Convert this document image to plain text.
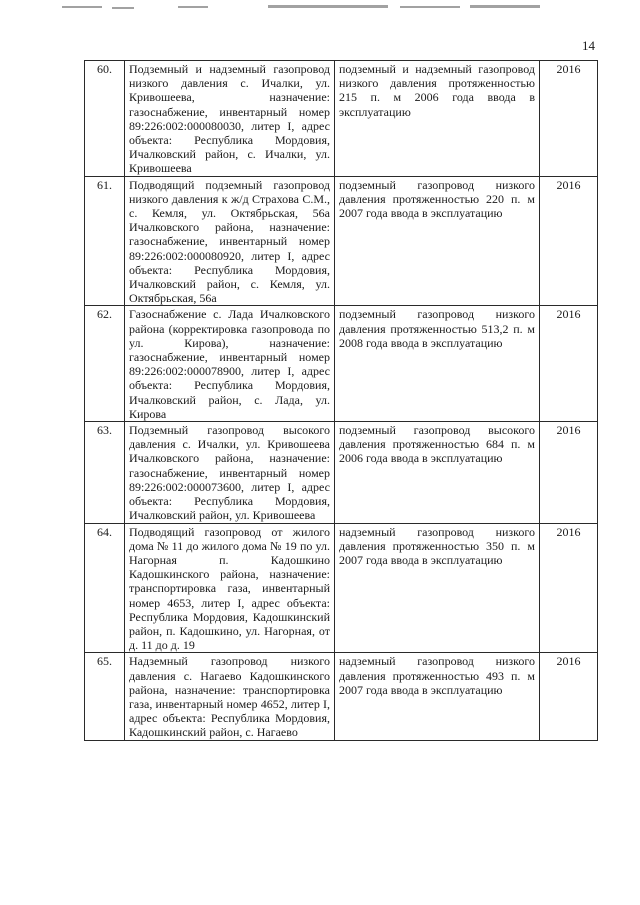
14
60.	Подземный и надземный газопровод низкого давления с. Ичалки, ул. Кривошеева, назначение: газоснабжение, инвентарный номер 89:226:002:000080030, литер I, адрес объекта: Республика Мордовия, Ичалковский район, с. Ичалки, ул. Кривошеева	подземный и надземный газопровод низкого давления протяженностью 215 п. м 2006 года ввода в эксплуатацию	2016
61.	Подводящий подземный газопровод низкого давления к ж/д Страхова С.М., с. Кемля, ул. Октябрьская, 56а Ичалковского района, назначение: газоснабжение, инвентарный номер 89:226:002:000080920, литер I, адрес объекта: Республика Мордовия, Ичалковский район, с. Кемля, ул. Октябрьская, 56а	подземный газопровод низкого давления протяженностью 220 п. м 2007 года ввода в эксплуатацию	2016
62.	Газоснабжение с. Лада Ичалковского района (корректировка газопровода по ул. Кирова), назначение: газоснабжение, инвентарный номер 89:226:002:000078900, литер I, адрес объекта: Республика Мордовия, Ичалковский район, с. Лада, ул. Кирова	подземный газопровод низкого давления протяженностью 513,2 п. м 2008 года ввода в эксплуатацию	2016
63.	Подземный газопровод высокого давления с. Ичалки, ул. Кривошеева Ичалковского района, назначение: газоснабжение, инвентарный номер 89:226:002:000073600, литер I, адрес объекта: Республика Мордовия, Ичалковский район, ул. Кривошеева	подземный газопровод высокого давления протяженностью 684 п. м 2006 года ввода в эксплуатацию	2016
64.	Подводящий газопровод от жилого дома № 11 до жилого дома № 19 по ул. Нагорная п. Кадошкино Кадошкинского района, назначение: транспортировка газа, инвентарный номер 4653, литер I, адрес объекта: Республика Мордовия, Кадошкинский район, п. Кадошкино, ул. Нагорная, от д. 11 до д. 19	надземный газопровод низкого давления протяженностью 350 п. м 2007 года ввода в эксплуатацию	2016
65.	Надземный газопровод низкого давления с. Нагаево Кадошкинского района, назначение: транспортировка газа, инвентарный номер 4652, литер I, адрес объекта: Республика Мордовия, Кадошкинский район, с. Нагаево	надземный газопровод низкого давления протяженностью 493 п. м 2007 года ввода в эксплуатацию	2016
